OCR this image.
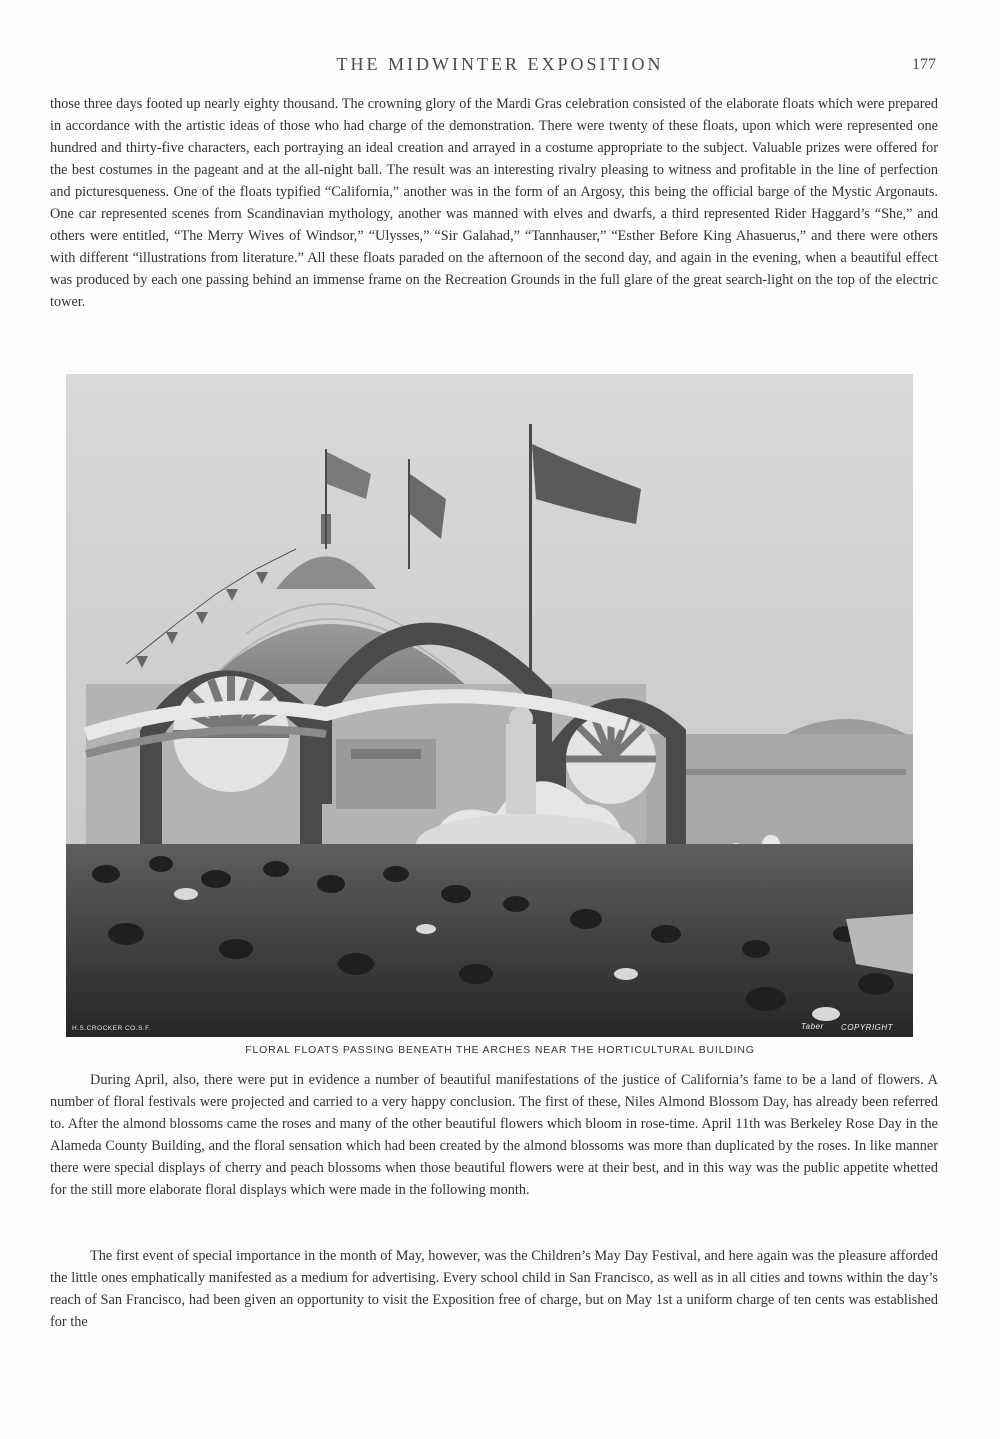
THE MIDWINTER EXPOSITION	177

those three days footed up nearly eighty thousand. The crowning glory of the Mardi Gras celebration consisted of the elaborate floats which were prepared in accordance with the artistic ideas of those who had charge of the demonstration. There were twenty of these floats, upon which were represented one hundred and thirty-five characters, each portraying an ideal creation and arrayed in a costume appropriate to the subject. Valuable prizes were offered for the best costumes in the pageant and at the all-night ball. The result was an interesting rivalry pleasing to witness and profitable in the line of perfection and picturesqueness. One of the floats typified “California,” another was in the form of an Argosy, this being the official barge of the Mystic Argonauts. One car represented scenes from Scandinavian mythology, another was manned with elves and dwarfs, a third represented Rider Haggard’s “She,” and others were entitled, “The Merry Wives of Windsor,” “Ulysses,” “Sir Galahad,” “Tannhauser,” “Esther Before King Ahasuerus,” and there were others with different “illustrations from literature.” All these floats paraded on the afternoon of the second day, and again in the evening, when a beautiful effect was produced by each one passing behind an immense frame on the Recreation Grounds in the full glare of the great search-light on the top of the electric tower.

H.S.CROCKER CO.S.F.	Taber COPYRIGHT
FLORAL FLOATS PASSING BENEATH THE ARCHES NEAR THE HORTICULTURAL BUILDING

During April, also, there were put in evidence a number of beautiful manifestations of the justice of California’s fame to be a land of flowers. A number of floral festivals were projected and carried to a very happy conclusion. The first of these, Niles Almond Blossom Day, has already been referred to. After the almond blossoms came the roses and many of the other beautiful flowers which bloom in rose-time. April 11th was Berkeley Rose Day in the Alameda County Building, and the floral sensation which had been created by the almond blossoms was more than duplicated by the roses. In like manner there were special displays of cherry and peach blossoms when those beautiful flowers were at their best, and in this way was the public appetite whetted for the still more elaborate floral displays which were made in the following month.

The first event of special importance in the month of May, however, was the Children’s May Day Festival, and here again was the pleasure afforded the little ones emphatically manifested as a medium for advertising. Every school child in San Francisco, as well as in all cities and towns within the day’s reach of San Francisco, had been given an opportunity to visit the Exposition free of charge, but on May 1st a uniform charge of ten cents was established for the
